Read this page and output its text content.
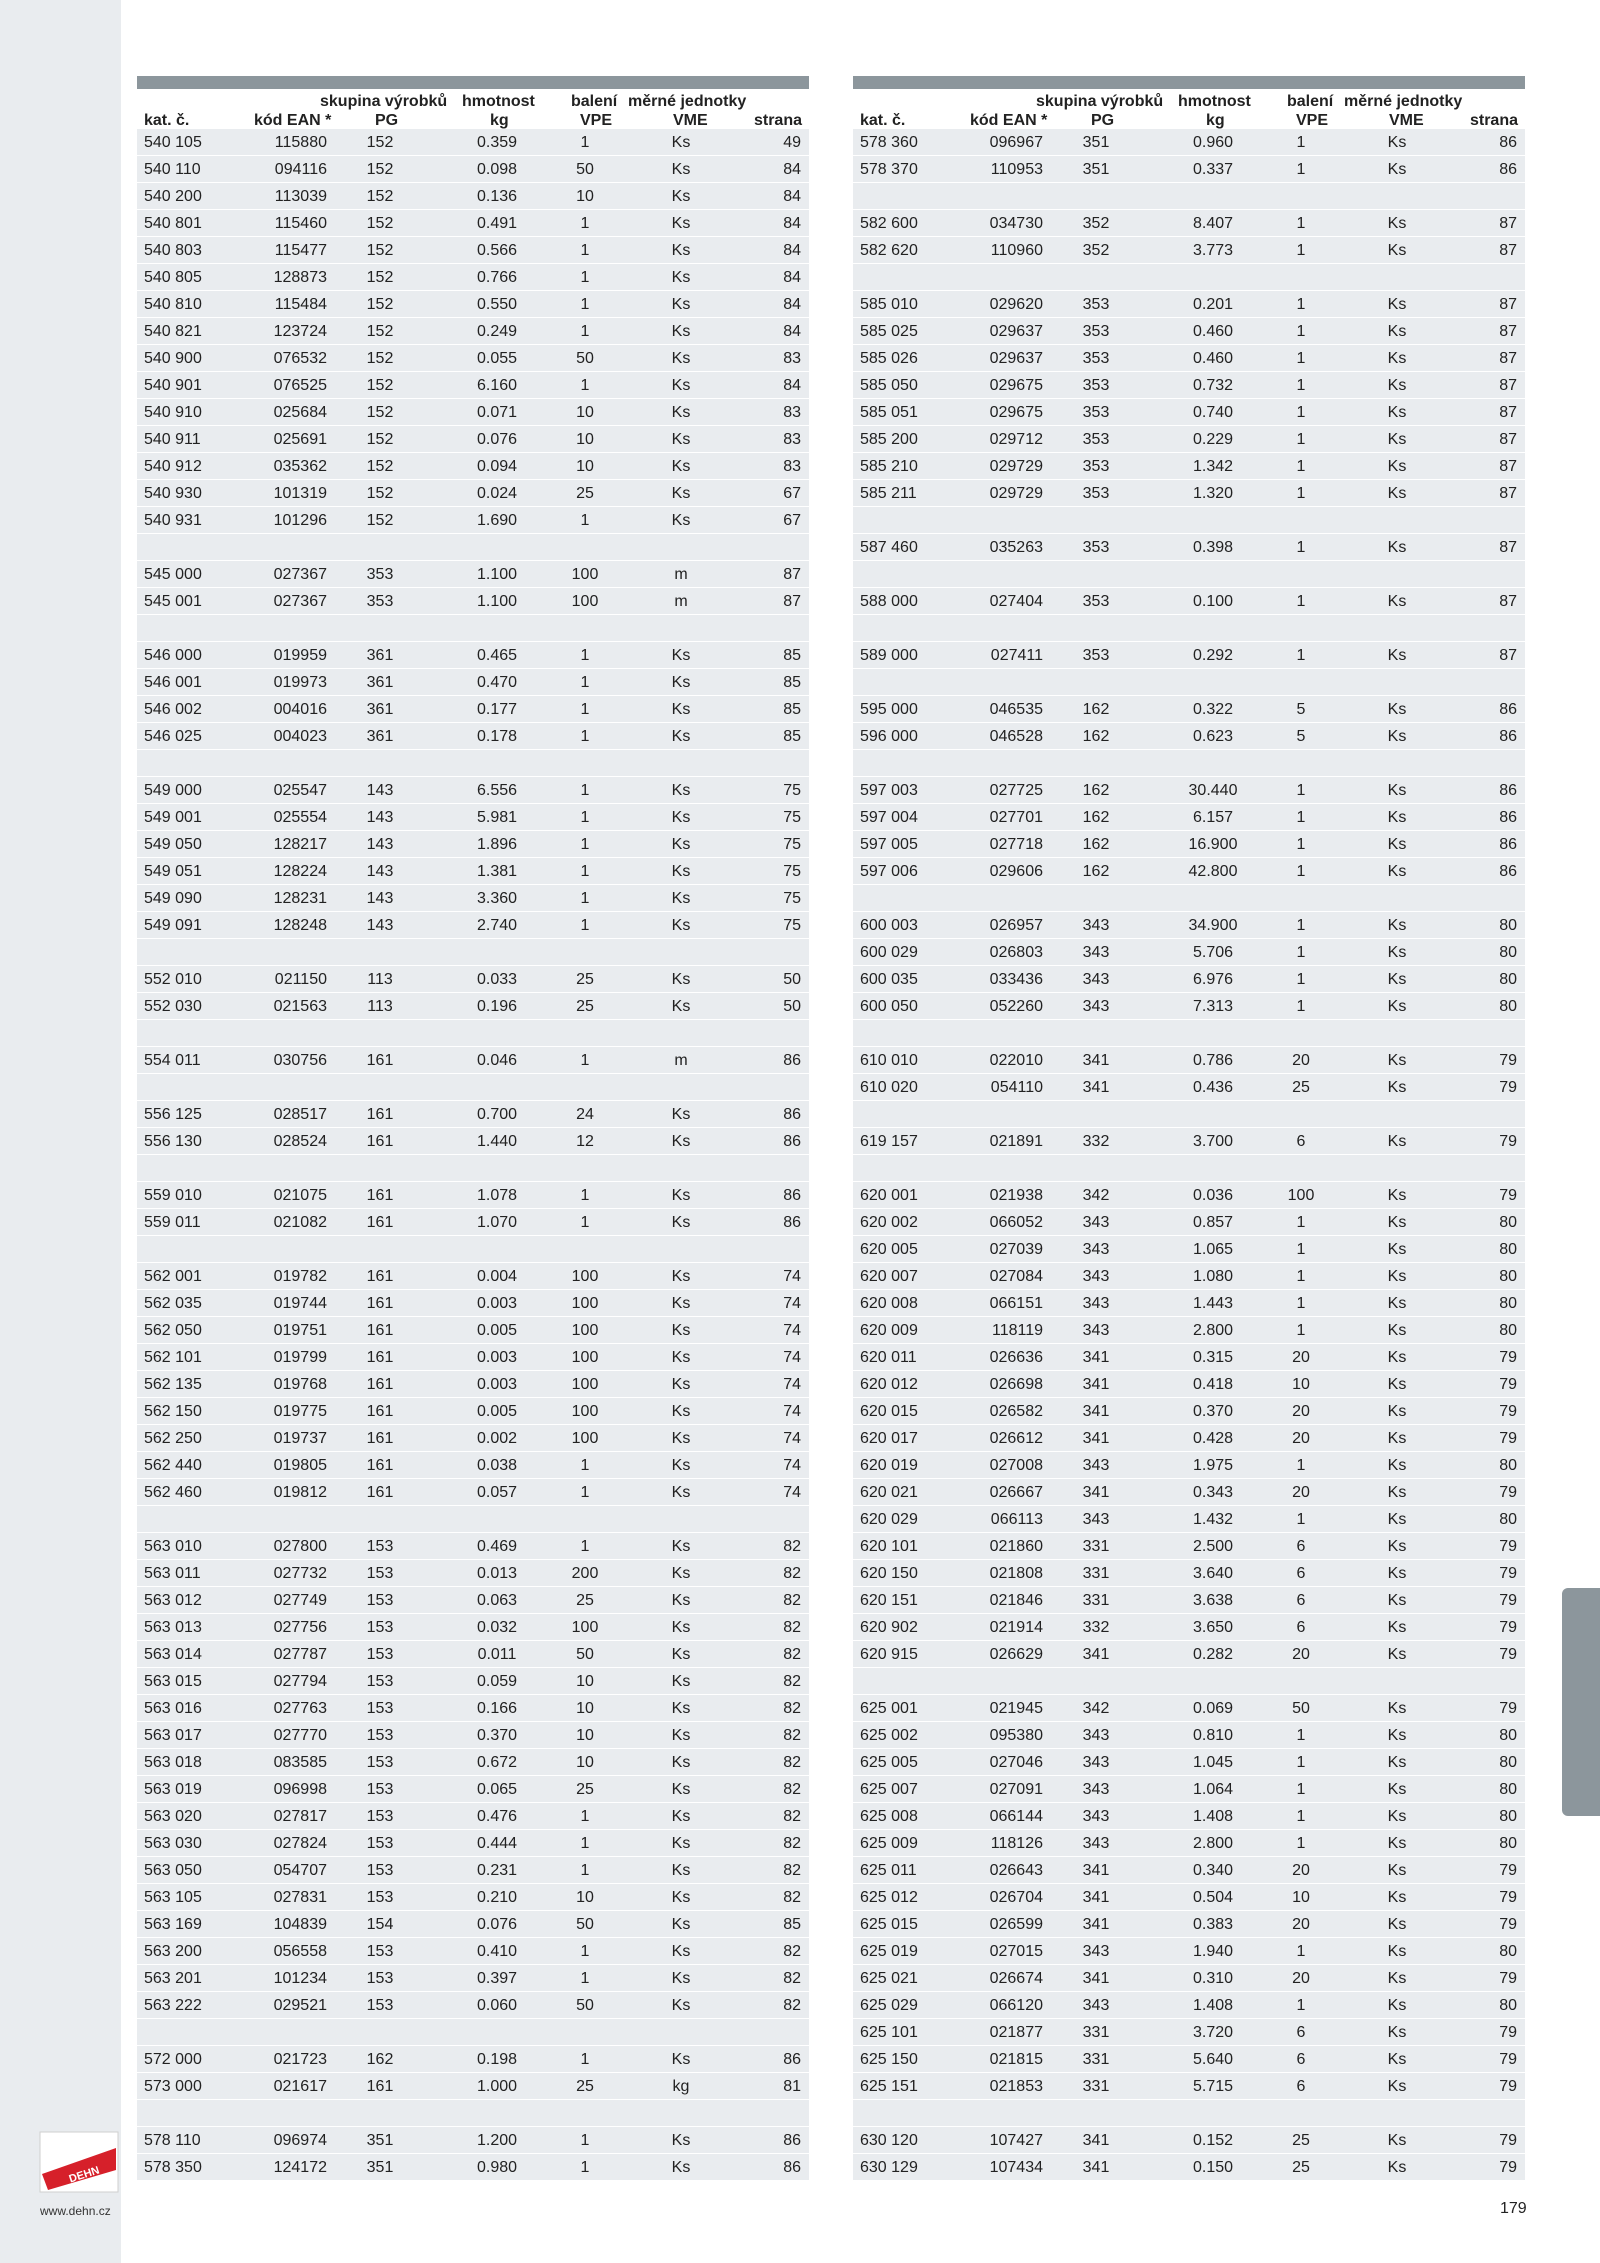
DEHN
www.dehn.cz	179
skupina výrobků hmotnost balení měrné jednotky
kat. č.	kód EAN *	PG	kg	VPE	VME	strana
540 105	115880	152	0.359	1	Ks	49
540 110	094116	152	0.098	50	Ks	84
540 200	113039	152	0.136	10	Ks	84
540 801	115460	152	0.491	1	Ks	84
540 803	115477	152	0.566	1	Ks	84
540 805	128873	152	0.766	1	Ks	84
540 810	115484	152	0.550	1	Ks	84
540 821	123724	152	0.249	1	Ks	84
540 900	076532	152	0.055	50	Ks	83
540 901	076525	152	6.160	1	Ks	84
540 910	025684	152	0.071	10	Ks	83
540 911	025691	152	0.076	10	Ks	83
540 912	035362	152	0.094	10	Ks	83
540 930	101319	152	0.024	25	Ks	67
540 931	101296	152	1.690	1	Ks	67
545 000	027367	353	1.100	100	m	87
545 001	027367	353	1.100	100	m	87
546 000	019959	361	0.465	1	Ks	85
546 001	019973	361	0.470	1	Ks	85
546 002	004016	361	0.177	1	Ks	85
546 025	004023	361	0.178	1	Ks	85
549 000	025547	143	6.556	1	Ks	75
549 001	025554	143	5.981	1	Ks	75
549 050	128217	143	1.896	1	Ks	75
549 051	128224	143	1.381	1	Ks	75
549 090	128231	143	3.360	1	Ks	75
549 091	128248	143	2.740	1	Ks	75
552 010	021150	113	0.033	25	Ks	50
552 030	021563	113	0.196	25	Ks	50
554 011	030756	161	0.046	1	m	86
556 125	028517	161	0.700	24	Ks	86
556 130	028524	161	1.440	12	Ks	86
559 010	021075	161	1.078	1	Ks	86
559 011	021082	161	1.070	1	Ks	86
562 001	019782	161	0.004	100	Ks	74
562 035	019744	161	0.003	100	Ks	74
562 050	019751	161	0.005	100	Ks	74
562 101	019799	161	0.003	100	Ks	74
562 135	019768	161	0.003	100	Ks	74
562 150	019775	161	0.005	100	Ks	74
562 250	019737	161	0.002	100	Ks	74
562 440	019805	161	0.038	1	Ks	74
562 460	019812	161	0.057	1	Ks	74
563 010	027800	153	0.469	1	Ks	82
563 011	027732	153	0.013	200	Ks	82
563 012	027749	153	0.063	25	Ks	82
563 013	027756	153	0.032	100	Ks	82
563 014	027787	153	0.011	50	Ks	82
563 015	027794	153	0.059	10	Ks	82
563 016	027763	153	0.166	10	Ks	82
563 017	027770	153	0.370	10	Ks	82
563 018	083585	153	0.672	10	Ks	82
563 019	096998	153	0.065	25	Ks	82
563 020	027817	153	0.476	1	Ks	82
563 030	027824	153	0.444	1	Ks	82
563 050	054707	153	0.231	1	Ks	82
563 105	027831	153	0.210	10	Ks	82
563 169	104839	154	0.076	50	Ks	85
563 200	056558	153	0.410	1	Ks	82
563 201	101234	153	0.397	1	Ks	82
563 222	029521	153	0.060	50	Ks	82
572 000	021723	162	0.198	1	Ks	86
573 000	021617	161	1.000	25	kg	81
578 110	096974	351	1.200	1	Ks	86
578 350	124172	351	0.980	1	Ks	86
skupina výrobků hmotnost balení měrné jednotky
kat. č.	kód EAN *	PG	kg	VPE	VME	strana
578 360	096967	351	0.960	1	Ks	86
578 370	110953	351	0.337	1	Ks	86
582 600	034730	352	8.407	1	Ks	87
582 620	110960	352	3.773	1	Ks	87
585 010	029620	353	0.201	1	Ks	87
585 025	029637	353	0.460	1	Ks	87
585 026	029637	353	0.460	1	Ks	87
585 050	029675	353	0.732	1	Ks	87
585 051	029675	353	0.740	1	Ks	87
585 200	029712	353	0.229	1	Ks	87
585 210	029729	353	1.342	1	Ks	87
585 211	029729	353	1.320	1	Ks	87
587 460	035263	353	0.398	1	Ks	87
588 000	027404	353	0.100	1	Ks	87
589 000	027411	353	0.292	1	Ks	87
595 000	046535	162	0.322	5	Ks	86
596 000	046528	162	0.623	5	Ks	86
597 003	027725	162	30.440	1	Ks	86
597 004	027701	162	6.157	1	Ks	86
597 005	027718	162	16.900	1	Ks	86
597 006	029606	162	42.800	1	Ks	86
600 003	026957	343	34.900	1	Ks	80
600 029	026803	343	5.706	1	Ks	80
600 035	033436	343	6.976	1	Ks	80
600 050	052260	343	7.313	1	Ks	80
610 010	022010	341	0.786	20	Ks	79
610 020	054110	341	0.436	25	Ks	79
619 157	021891	332	3.700	6	Ks	79
620 001	021938	342	0.036	100	Ks	79
620 002	066052	343	0.857	1	Ks	80
620 005	027039	343	1.065	1	Ks	80
620 007	027084	343	1.080	1	Ks	80
620 008	066151	343	1.443	1	Ks	80
620 009	118119	343	2.800	1	Ks	80
620 011	026636	341	0.315	20	Ks	79
620 012	026698	341	0.418	10	Ks	79
620 015	026582	341	0.370	20	Ks	79
620 017	026612	341	0.428	20	Ks	79
620 019	027008	343	1.975	1	Ks	80
620 021	026667	341	0.343	20	Ks	79
620 029	066113	343	1.432	1	Ks	80
620 101	021860	331	2.500	6	Ks	79
620 150	021808	331	3.640	6	Ks	79
620 151	021846	331	3.638	6	Ks	79
620 902	021914	332	3.650	6	Ks	79
620 915	026629	341	0.282	20	Ks	79
625 001	021945	342	0.069	50	Ks	79
625 002	095380	343	0.810	1	Ks	80
625 005	027046	343	1.045	1	Ks	80
625 007	027091	343	1.064	1	Ks	80
625 008	066144	343	1.408	1	Ks	80
625 009	118126	343	2.800	1	Ks	80
625 011	026643	341	0.340	20	Ks	79
625 012	026704	341	0.504	10	Ks	79
625 015	026599	341	0.383	20	Ks	79
625 019	027015	343	1.940	1	Ks	80
625 021	026674	341	0.310	20	Ks	79
625 029	066120	343	1.408	1	Ks	80
625 101	021877	331	3.720	6	Ks	79
625 150	021815	331	5.640	6	Ks	79
625 151	021853	331	5.715	6	Ks	79
630 120	107427	341	0.152	25	Ks	79
630 129	107434	341	0.150	25	Ks	79
